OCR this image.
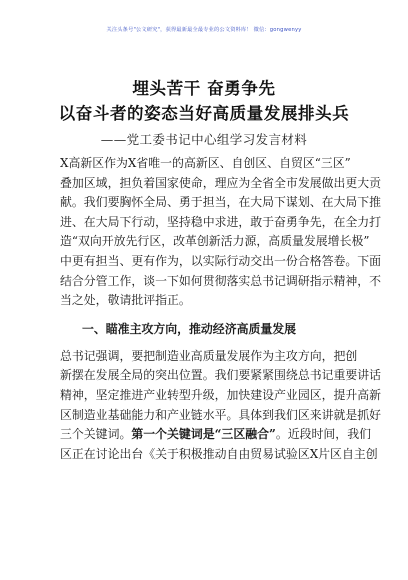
关注头条号"公文研究"，获得最新最全最专业的公文资料库！ 微信：gongwenyy
埋头苦干 奋勇争先
以奋斗者的姿态当好高质量发展排头兵
——党工委书记中心组学习发言材料

X高新区作为X省唯一的高新区、自创区、自贸区“三区”
叠加区域，担负着国家使命，理应为全省全市发展做出更大贡
献。我们要胸怀全局、勇于担当，在大局下谋划、在大局下推
进、在大局下行动，坚持稳中求进，敢于奋勇争先，在全力打
造“双向开放先行区，改革创新活力源，高质量发展增长极”
中更有担当、更有作为，以实际行动交出一份合格答卷。下面
结合分管工作，谈一下如何贯彻落实总书记调研指示精神，不
当之处，敬请批评指正。

一、瞄准主攻方向，推动经济高质量发展

总书记强调，要把制造业高质量发展作为主攻方向，把创
新摆在发展全局的突出位置。我们要紧紧围绕总书记重要讲话
精神，坚定推进产业转型升级，加快建设产业园区，提升高新
区制造业基础能力和产业链水平。具体到我们区来讲就是抓好
三个关键词。第一个关键词是“三区融合”。近段时间，我们
区正在讨论出台《关于积极推动自由贸易试验区X片区自主创
